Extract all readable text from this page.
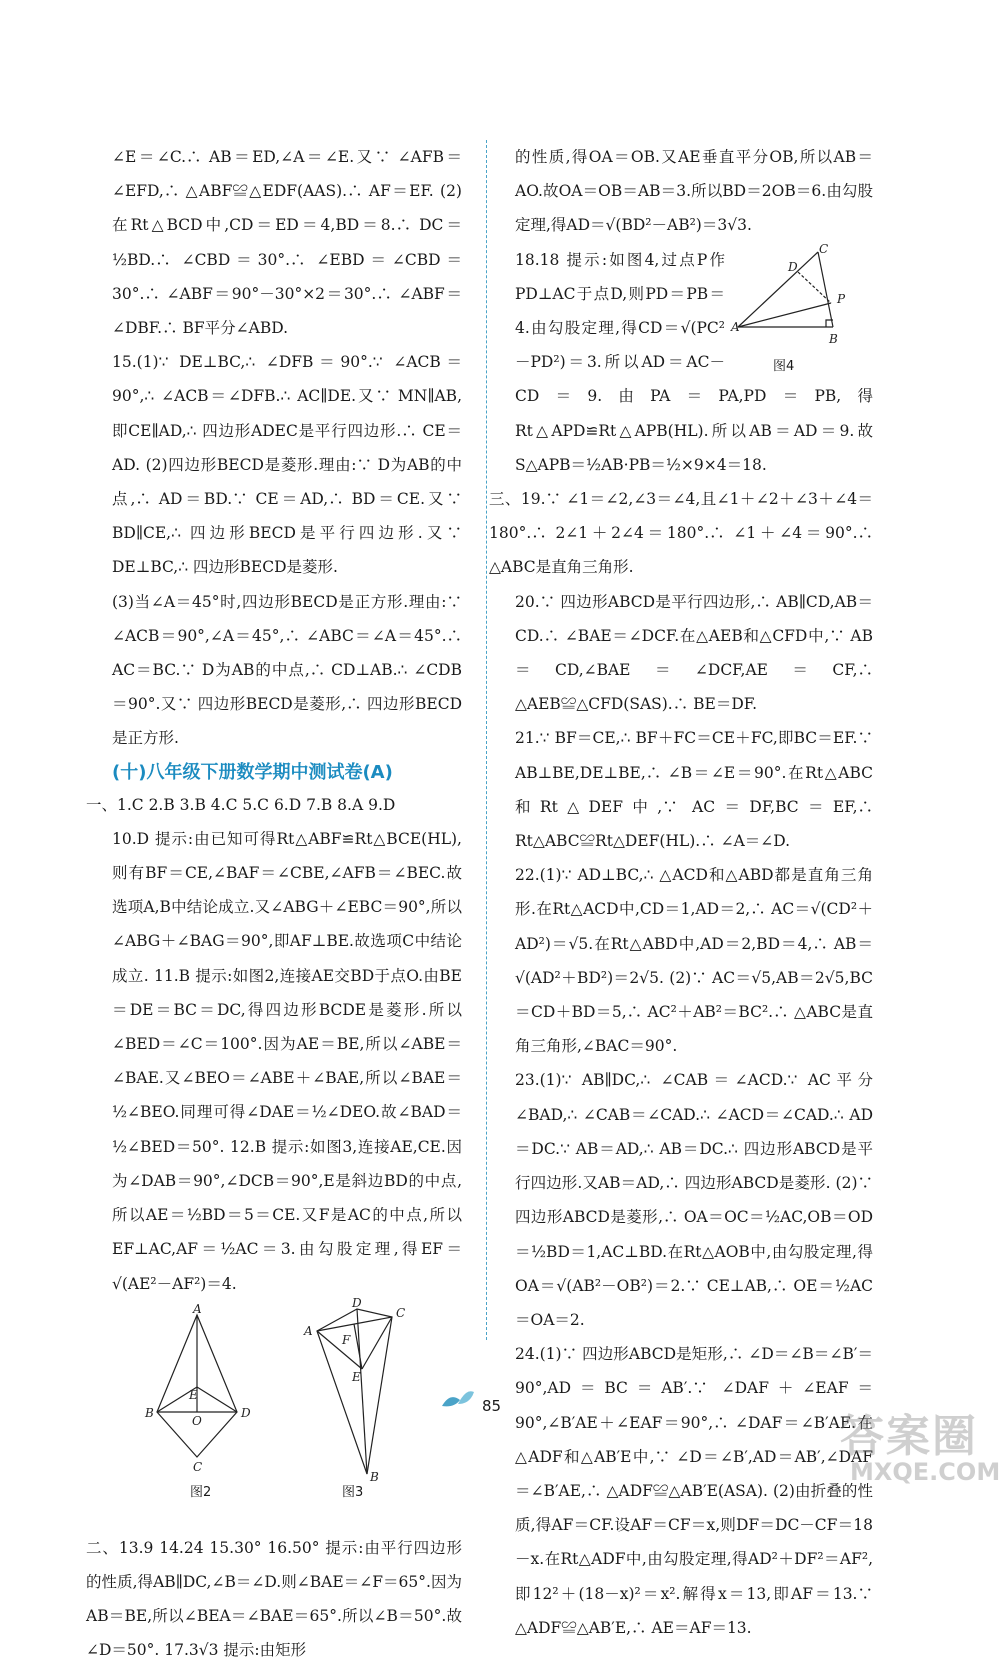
∠E＝∠C.∴ AB＝ED,∠A＝∠E.又∵ ∠AFB＝∠EFD,∴ △ABF≌△EDF(AAS).∴ AF＝EF. (2)在Rt△BCD中,CD＝ED＝4,BD＝8.∴ DC＝½BD.∴ ∠CBD＝30°.∴ ∠EBD＝∠CBD＝30°.∴ ∠ABF＝90°－30°×2＝30°.∴ ∠ABF＝∠DBF.∴ BF平分∠ABD.

15.(1)∵ DE⊥BC,∴ ∠DFB＝90°.∵ ∠ACB＝90°,∴ ∠ACB＝∠DFB.∴ AC∥DE.又∵ MN∥AB,即CE∥AD,∴ 四边形ADEC是平行四边形.∴ CE＝AD. (2)四边形BECD是菱形.理由:∵ D为AB的中点,∴ AD＝BD.∵ CE＝AD,∴ BD＝CE.又∵ BD∥CE,∴ 四边形BECD是平行四边形.又∵ DE⊥BC,∴ 四边形BECD是菱形.

(3)当∠A＝45°时,四边形BECD是正方形.理由:∵ ∠ACB＝90°,∠A＝45°,∴ ∠ABC＝∠A＝45°.∴ AC＝BC.∵ D为AB的中点,∴ CD⊥AB.∴ ∠CDB＝90°.又∵ 四边形BECD是菱形,∴ 四边形BECD是正方形.

(十)八年级下册数学期中测试卷(A)

一、1.C 2.B 3.B 4.C 5.C 6.D 7.B 8.A 9.D

10.D 提示:由已知可得Rt△ABF≌Rt△BCE(HL),则有BF＝CE,∠BAF＝∠CBE,∠AFB＝∠BEC.故选项A,B中结论成立.又∠ABG＋∠EBC＝90°,所以∠ABG＋∠BAG＝90°,即AF⊥BE.故选项C中结论成立. 11.B 提示:如图2,连接AE交BD于点O.由BE＝DE＝BC＝DC,得四边形BCDE是菱形.所以∠BED＝∠C＝100°.因为AE＝BE,所以∠ABE＝∠BAE.又∠BEO＝∠ABE＋∠BAE,所以∠BAE＝½∠BEO.同理可得∠DAE＝½∠DEO.故∠BAD＝½∠BED＝50°. 12.B 提示:如图3,连接AE,CE.因为∠DAB＝90°,∠DCB＝90°,E是斜边BD的中点,所以AE＝½BD＝5＝CE.又F是AC的中点,所以EF⊥AC,AF＝½AC＝3.由勾股定理,得EF＝√(AE²－AF²)＝4.

A
B	D
C
E
O
图2
A
D
C
F
E
B
图3

二、13.9 14.24 15.30° 16.50° 提示:由平行四边形的性质,得AB∥DC,∠B＝∠D.则∠BAE＝∠F＝65°.因为AB＝BE,所以∠BEA＝∠BAE＝65°.所以∠B＝50°.故∠D＝50°. 17.3√3 提示:由矩形

的性质,得OA＝OB.又AE垂直平分OB,所以AB＝AO.故OA＝OB＝AB＝3.所以BD＝2OB＝6.由勾股定理,得AD＝√(BD²－AB²)＝3√3.

C
D
P
A
B
图4

18.18 提示:如图4,过点P作PD⊥AC于点D,则PD＝PB＝4.由勾股定理,得CD＝√(PC²－PD²)＝3.所以AD＝AC－CD＝9.由PA＝PA,PD＝PB,得Rt△APD≌Rt△APB(HL).所以AB＝AD＝9.故S△APB＝½AB·PB＝½×9×4＝18.

三、19.∵ ∠1＝∠2,∠3＝∠4,且∠1＋∠2＋∠3＋∠4＝180°.∴ 2∠1＋2∠4＝180°.∴ ∠1＋∠4＝90°.∴ △ABC是直角三角形.

20.∵ 四边形ABCD是平行四边形,∴ AB∥CD,AB＝CD.∴ ∠BAE＝∠DCF.在△AEB和△CFD中,∵ AB＝CD,∠BAE＝∠DCF,AE＝CF,∴ △AEB≌△CFD(SAS).∴ BE＝DF.

21.∵ BF＝CE,∴ BF＋FC＝CE＋FC,即BC＝EF.∵ AB⊥BE,DE⊥BE,∴ ∠B＝∠E＝90°.在Rt△ABC和Rt△DEF中,∵ AC＝DF,BC＝EF,∴ Rt△ABC≌Rt△DEF(HL).∴ ∠A＝∠D.

22.(1)∵ AD⊥BC,∴ △ACD和△ABD都是直角三角形.在Rt△ACD中,CD＝1,AD＝2,∴ AC＝√(CD²＋AD²)＝√5.在Rt△ABD中,AD＝2,BD＝4,∴ AB＝√(AD²＋BD²)＝2√5. (2)∵ AC＝√5,AB＝2√5,BC＝CD＋BD＝5,∴ AC²＋AB²＝BC².∴ △ABC是直角三角形,∠BAC＝90°.

23.(1)∵ AB∥DC,∴ ∠CAB＝∠ACD.∵ AC平分∠BAD,∴ ∠CAB＝∠CAD.∴ ∠ACD＝∠CAD.∴ AD＝DC.∵ AB＝AD,∴ AB＝DC.∴ 四边形ABCD是平行四边形.又AB＝AD,∴ 四边形ABCD是菱形. (2)∵ 四边形ABCD是菱形,∴ OA＝OC＝½AC,OB＝OD＝½BD＝1,AC⊥BD.在Rt△AOB中,由勾股定理,得OA＝√(AB²－OB²)＝2.∵ CE⊥AB,∴ OE＝½AC＝OA＝2.

24.(1)∵ 四边形ABCD是矩形,∴ ∠D＝∠B＝∠B′＝90°,AD＝BC＝AB′.∵ ∠DAF＋∠EAF＝90°,∠B′AE＋∠EAF＝90°,∴ ∠DAF＝∠B′AE.在△ADF和△AB′E中,∵ ∠D＝∠B′,AD＝AB′,∠DAF＝∠B′AE,∴ △ADF≌△AB′E(ASA). (2)由折叠的性质,得AF＝CF.设AF＝CF＝x,则DF＝DC－CF＝18－x.在Rt△ADF中,由勾股定理,得AD²＋DF²＝AF²,即12²＋(18－x)²＝x².解得x＝13,即AF＝13.∵ △ADF≌△AB′E,∴ AE＝AF＝13.

85
答案圈
MXQE.COM
